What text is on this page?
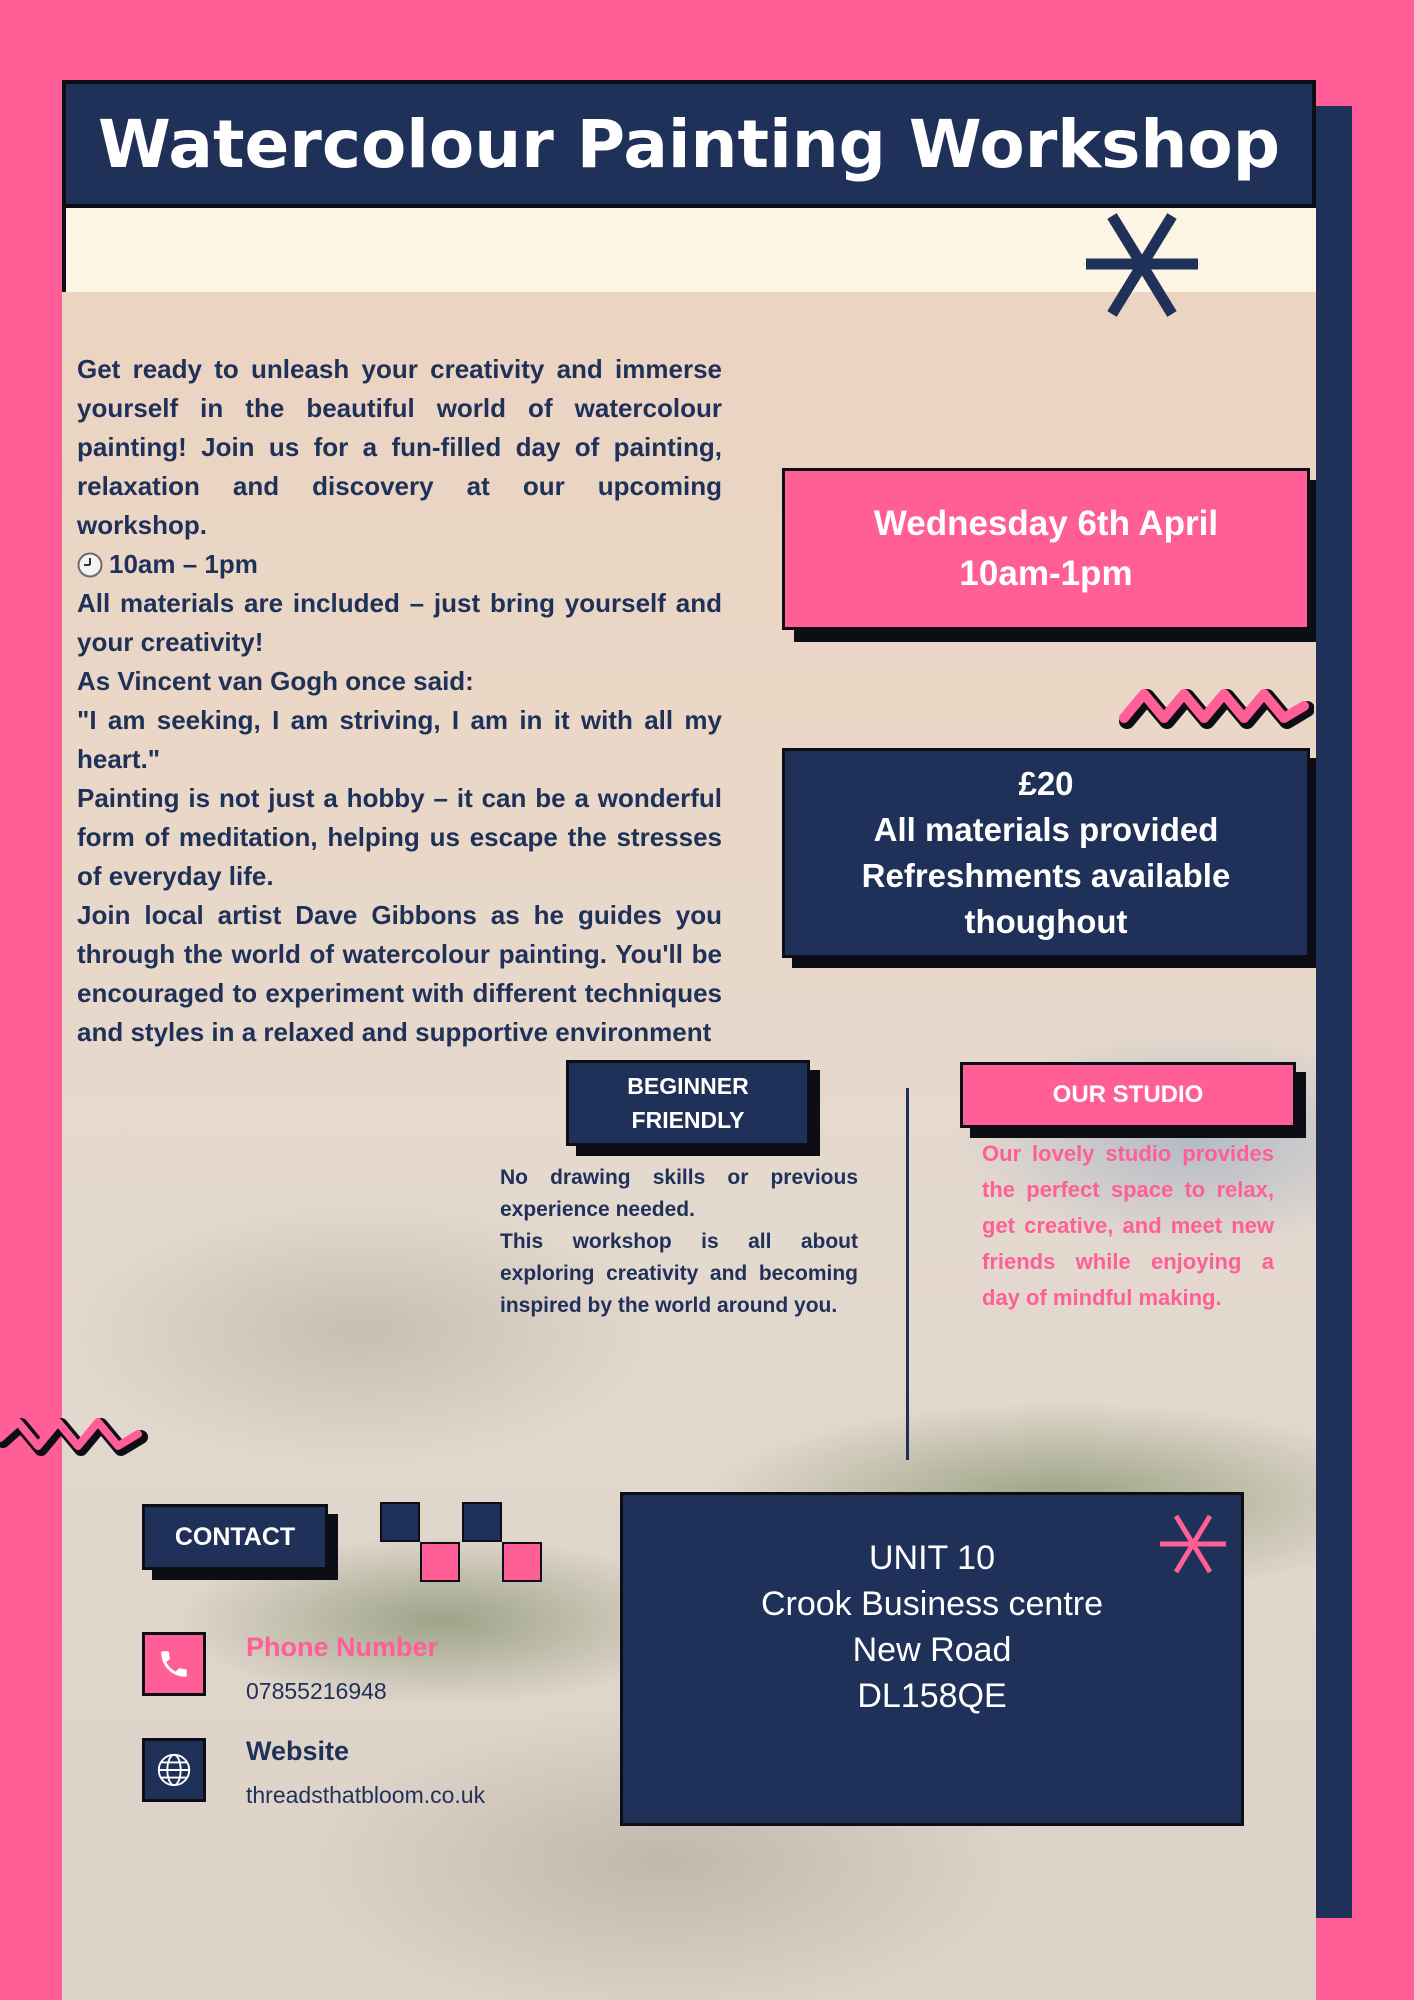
Watercolour Painting Workshop

Get ready to unleash your creativity and immerse yourself in the beautiful world of watercolour painting! Join us for a fun-filled day of painting, relaxation and discovery at our upcoming workshop.

10am – 1pm

All materials are included – just bring yourself and your creativity!

As Vincent van Gogh once said:

"I am seeking, I am striving, I am in it with all my heart."

Painting is not just a hobby – it can be a wonderful form of meditation, helping us escape the stresses of everyday life.

Join local artist Dave Gibbons as he guides you through the world of watercolour painting. You'll be encouraged to experiment with different techniques and styles in a relaxed and supportive environment

Wednesday 6th April
10am-1pm
£20
All materials provided
Refreshments available
thoughout
BEGINNER
FRIENDLY

No drawing skills or previous experience needed.

This workshop is all about exploring creativity and becoming inspired by the world around you.

OUR STUDIO
Our lovely studio provides the perfect space to relax, get creative, and meet new friends while enjoying a day of mindful making.
CONTACT
Phone Number
07855216948
Website
threadsthatbloom.co.uk
UNIT 10
Crook Business centre
New Road
DL158QE
